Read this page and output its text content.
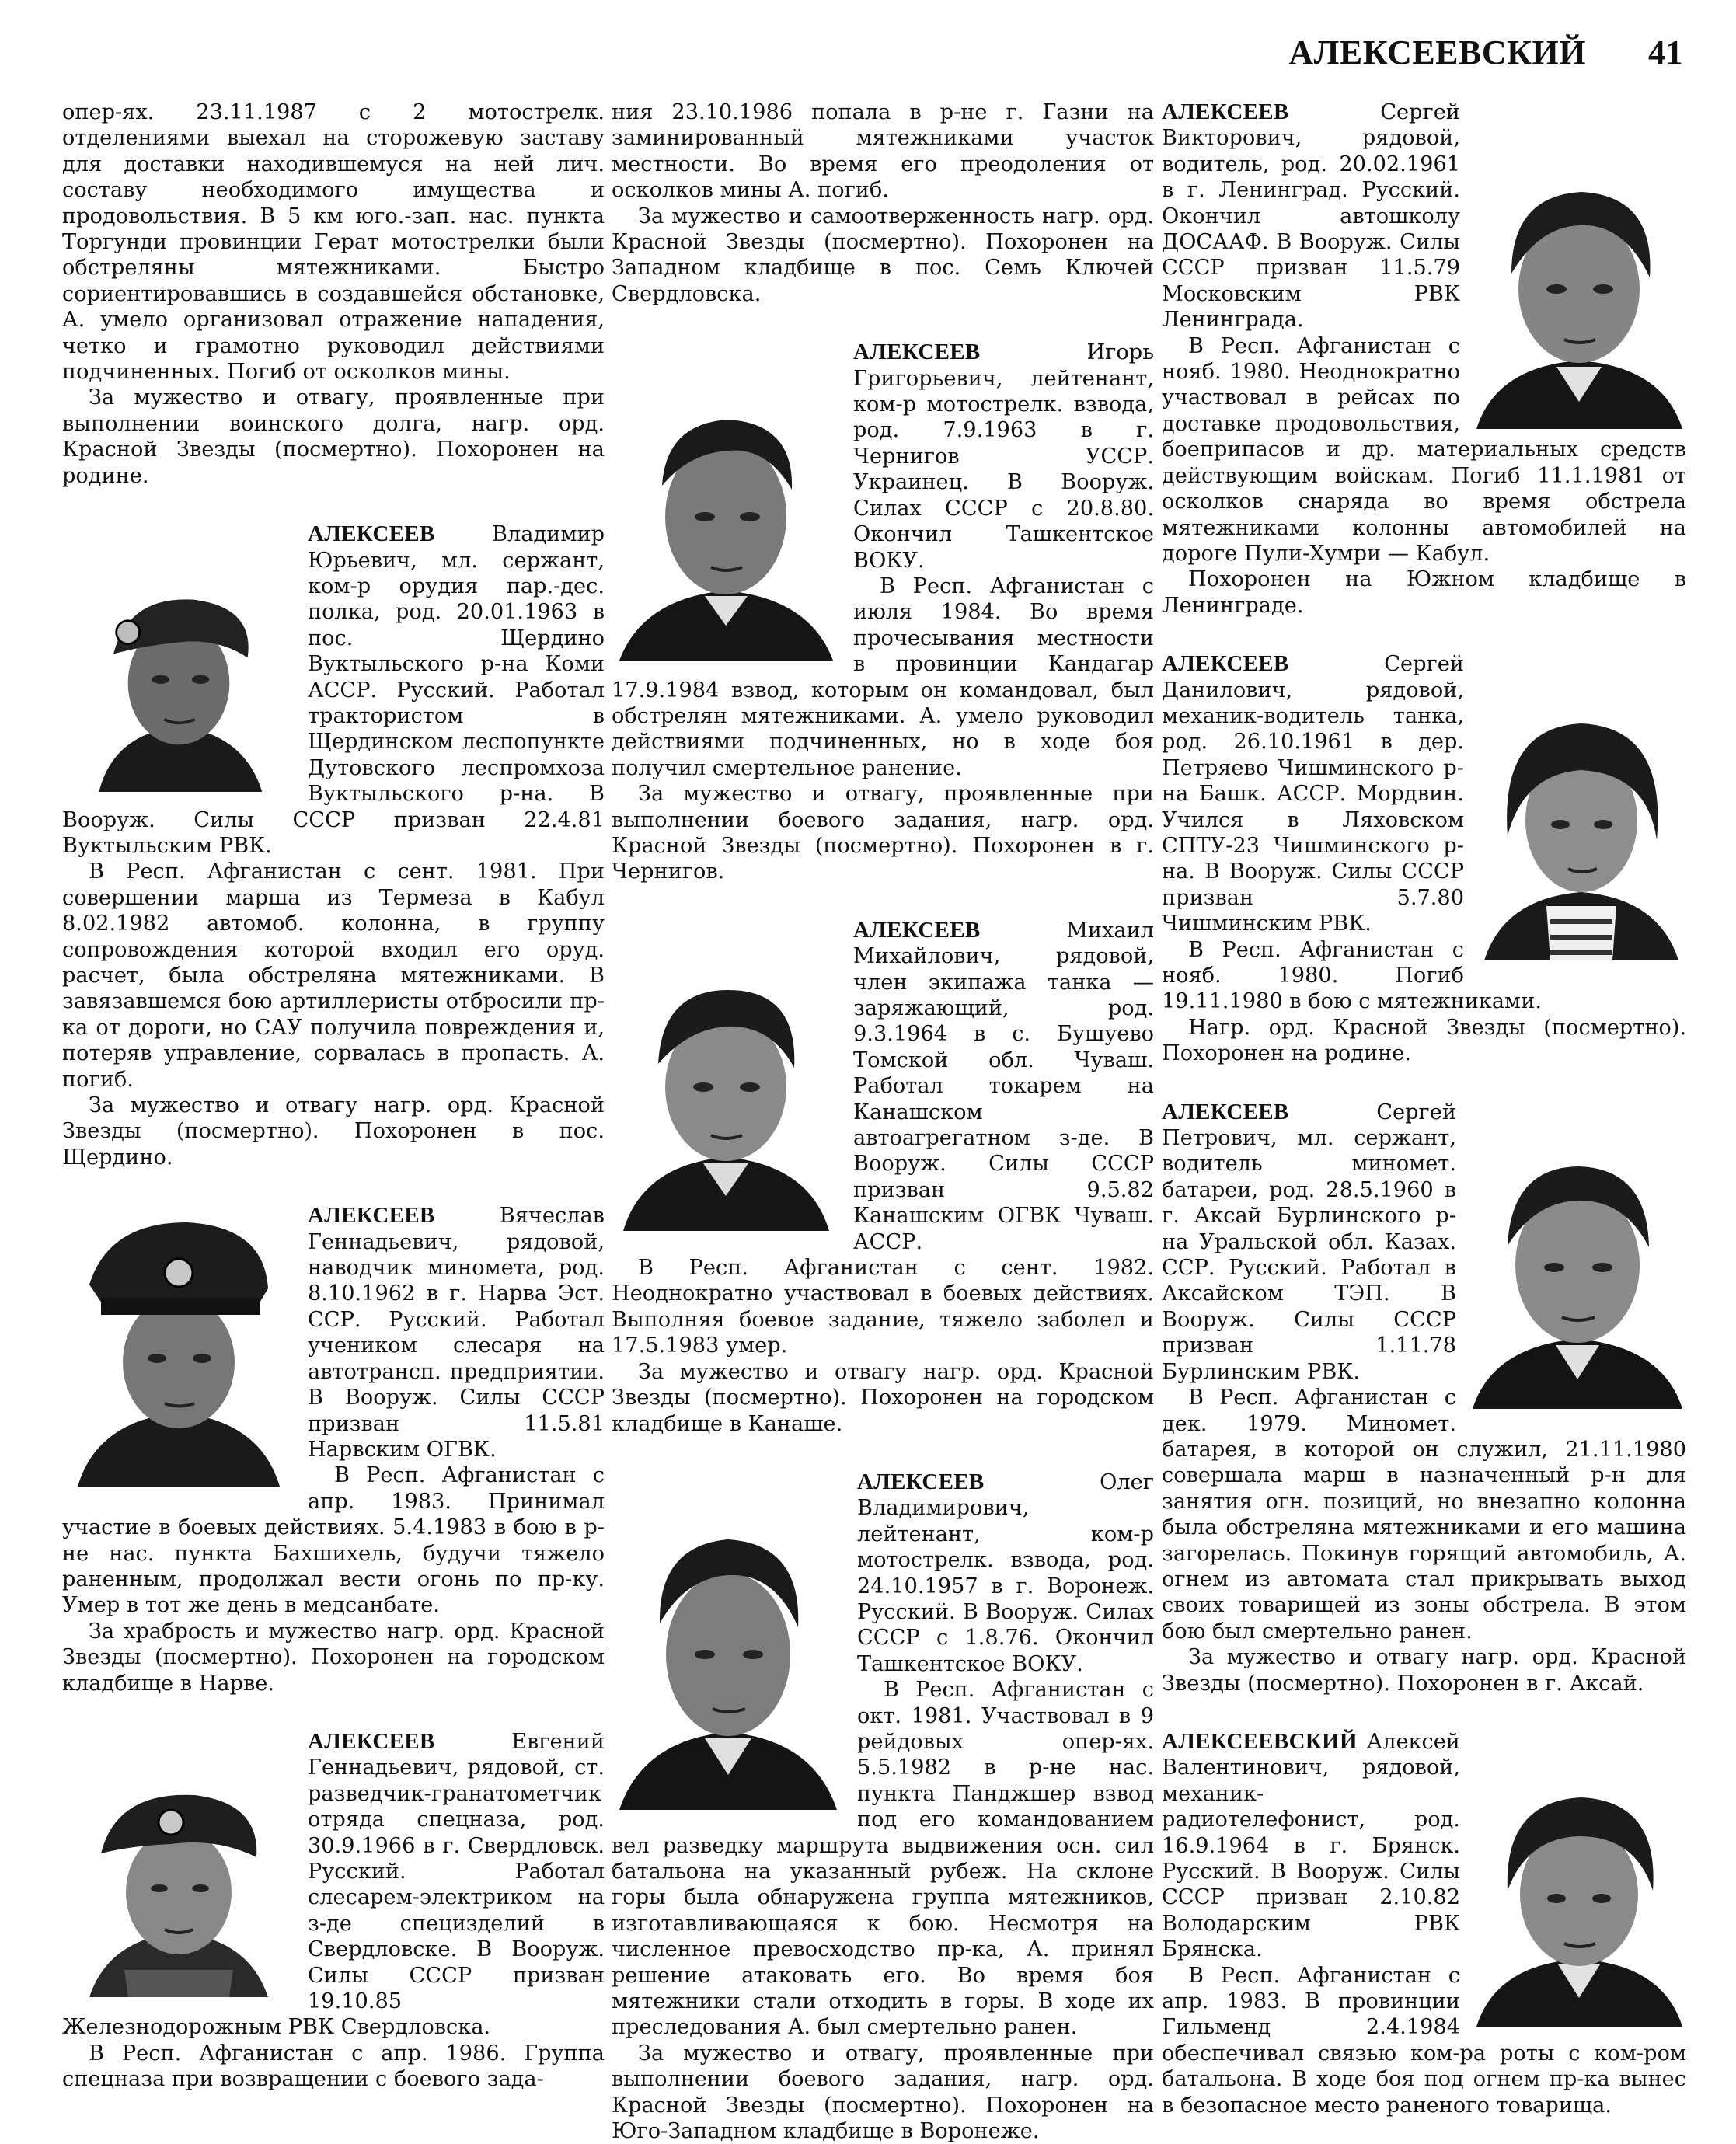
АЛЕКСЕЕВСКИЙ 41

опер-ях. 23.11.1987 с 2 мотострелк. отделениями выехал на сторожевую заставу для доставки находившемуся на ней лич. составу необходимого имущества и продовольствия. В 5 км юго.-зап. нас. пункта Торгунди провинции Герат мотострелки были обстреляны мятежниками. Быстро сориентировавшись в создавшейся обстановке, А. умело организовал отражение нападения, четко и грамотно руководил действиями подчиненных. Погиб от осколков мины.

За мужество и отвагу, проявленные при выполнении воинского долга, нагр. орд. Красной Звезды (посмертно). Похоронен на родине.

АЛЕКСЕЕВ	Владимир Юрьевич, мл. сержант, ком-р орудия пар.-дес. полка, род. 20.01.1963 в пос. Щердино Вуктыльского р-на Коми АССР. Русский. Работал трактористом в Щердинском леспопункте Дутовского леспромхоза Вуктыльского р-на. В Вооруж. Силы СССР призван 22.4.81 Вуктыльским РВК.

В Респ. Афганистан с сент. 1981. При совершении марша из Термеза в Кабул 8.02.1982 автомоб. колонна, в группу сопровождения которой входил его оруд. расчет, была обстреляна мятежниками. В завязавшемся бою артиллеристы отбросили пр-ка от дороги, но САУ получила повреждения и, потеряв управление, сорвалась в пропасть. А. погиб.

За мужество и отвагу нагр. орд. Красной Звезды (посмертно). Похоронен в пос. Щердино.

АЛЕКСЕЕВ	Вячеслав Геннадьевич, рядовой, наводчик миномета, род. 8.10.1962 в г. Нарва Эст. ССР. Русский. Работал учеником слесаря на автотрансп. предприятии. В Вооруж. Силы СССР призван 11.5.81 Нарвским ОГВК.

В Респ. Афганистан с апр. 1983. Принимал участие в боевых действиях. 5.4.1983 в бою в р-не нас. пункта Бахшихель, будучи тяжело раненным, продолжал вести огонь по пр-ку. Умер в тот же день в медсанбате.

За храбрость и мужество нагр. орд. Красной Звезды (посмертно). Похоронен на городском кладбище в Нарве.

АЛЕКСЕЕВ	Евгений Геннадьевич, рядовой, ст. разведчик-гранатометчик отряда спецназа, род. 30.9.1966 в г. Свердловск. Русский. Работал слесарем-электриком на з-де специзделий в Свердловске. В Вооруж. Силы СССР призван 19.10.85 Железнодорожным РВК Свердловска.

В Респ. Афганистан с апр. 1986. Группа спецназа при возвращении с боевого зада-

ния 23.10.1986 попала в р-не г. Газни на заминированный мятежниками участок местности. Во время его преодоления от осколков мины А. погиб.

За мужество и самоотверженность нагр. орд. Красной Звезды (посмертно). Похоронен на Западном кладбище в пос. Семь Ключей Свердловска.

АЛЕКСЕЕВ	Игорь Григорьевич, лейтенант, ком-р мотострелк. взвода, род. 7.9.1963 в г. Чернигов УССР. Украинец. В Вооруж. Силах СССР с 20.8.80. Окончил Ташкентское ВОКУ.

В Респ. Афганистан с июля 1984. Во время прочесывания местности в провинции Кандагар 17.9.1984 взвод, которым он командовал, был обстрелян мятежниками. А. умело руководил действиями подчиненных, но в ходе боя получил смертельное ранение.

За мужество и отвагу, проявленные при выполнении боевого задания, нагр. орд. Красной Звезды (посмертно). Похоронен в г. Чернигов.

АЛЕКСЕЕВ	Михаил Михайлович, рядовой, член экипажа танка — заряжающий, род. 9.3.1964 в с. Бушуево Томской обл. Чуваш. Работал токарем на Канашском автоагрегатном з-де. В Вооруж. Силы СССР призван 9.5.82 Канашским ОГВК Чуваш. АССР.

В Респ. Афганистан с сент. 1982. Неоднократно участвовал в боевых действиях. Выполняя боевое задание, тяжело заболел и 17.5.1983 умер.

За мужество и отвагу нагр. орд. Красной Звезды (посмертно). Похоронен на городском кладбище в Канаше.

АЛЕКСЕЕВ	Олег Владимирович, лейтенант, ком-р мотострелк. взвода, род. 24.10.1957 в г. Воронеж. Русский. В Вооруж. Силах СССР с 1.8.76. Окончил Ташкентское ВОКУ.

В Респ. Афганистан с окт. 1981. Участвовал в 9 рейдовых опер-ях. 5.5.1982 в р-не нас. пункта Панджшер взвод под его командованием вел разведку маршрута выдвижения осн. сил батальона на указанный рубеж. На склоне горы была обнаружена группа мятежников, изготавливающаяся к бою. Несмотря на численное превосходство пр-ка, А. принял решение атаковать его. Во время боя мятежники стали отходить в горы. В ходе их преследования А. был смертельно ранен.

За мужество и отвагу, проявленные при выполнении боевого задания, нагр. орд. Красной Звезды (посмертно). Похоронен на Юго-Западном кладбище в Воронеже.

АЛЕКСЕЕВ	Сергей Викторович, рядовой, водитель, род. 20.02.1961 в г. Ленинград. Русский. Окончил автошколу ДОСААФ. В Вооруж. Силы СССР призван 11.5.79 Московским РВК Ленинграда.

В Респ. Афганистан с нояб. 1980. Неоднократно участвовал в рейсах по доставке продовольствия, боеприпасов и др. материальных средств действующим войскам. Погиб 11.1.1981 от осколков снаряда во время обстрела мятежниками колонны автомобилей на дороге Пули-Хумри — Кабул.

Похоронен на Южном кладбище в Ленинграде.

АЛЕКСЕЕВ	Сергей Данилович, рядовой, механик-водитель танка, род. 26.10.1961 в дер. Петряево Чишминского р-на Башк. АССР. Мордвин. Учился в Ляховском СПТУ-23 Чишминского р-на. В Вооруж. Силы СССР призван 5.7.80 Чишминским РВК.

В Респ. Афганистан с нояб. 1980. Погиб 19.11.1980 в бою с мятежниками.

Нагр. орд. Красной Звезды (посмертно). Похоронен на родине.

АЛЕКСЕЕВ	Сергей Петрович, мл. сержант, водитель миномет. батареи, род. 28.5.1960 в г. Аксай Бурлинского р-на Уральской обл. Казах. ССР. Русский. Работал в Аксайском ТЭП. В Вооруж. Силы СССР призван 1.11.78 Бурлинским РВК.

В Респ. Афганистан с дек. 1979. Миномет. батарея, в которой он служил, 21.11.1980 совершала марш в назначенный р-н для занятия огн. позиций, но внезапно колонна была обстреляна мятежниками и его машина загорелась. Покинув горящий автомобиль, А. огнем из автомата стал прикрывать выход своих товарищей из зоны обстрела. В этом бою был смертельно ранен.

За мужество и отвагу нагр. орд. Красной Звезды (посмертно). Похоронен в г. Аксай.

АЛЕКСЕЕВСКИЙ Алексей Валентинович, рядовой, механик-радиотелефонист, род. 16.9.1964 в г. Брянск. Русский. В Вооруж. Силы СССР призван 2.10.82 Володарским РВК Брянска.

В Респ. Афганистан с апр. 1983. В провинции Гильменд 2.4.1984 обеспечивал связью ком-ра роты с ком-ром батальона. В ходе боя под огнем пр-ка вынес в безопасное место раненого товарища.
